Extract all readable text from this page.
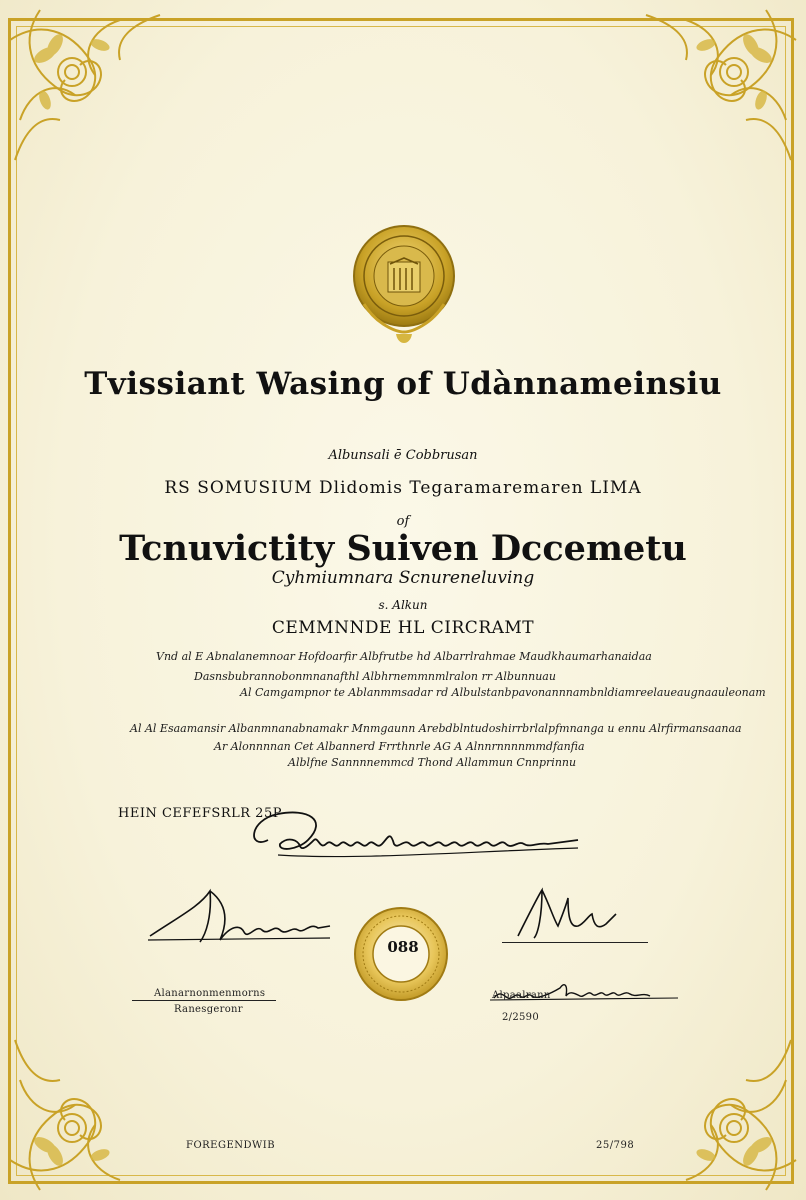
Tvissiant Wasing of Udànnameinsiu
Albunsali ē Cobbrusan
RS SOMUSIUM Dlidomis Tegaramaremaren LIMA
of
Tcnuvictity Suiven Dccemetu
Cyhmiumnara Scnureneluving
s. Alkun
CEMMNNDE HL CIRCRAMT
Vnd al E Abnalanemnoar Hofdoarfir Albfrutbe hd Albarrlrahmae Maudkhaumarhanaidaa
Dasnsbubrannobonmnanafthl Albhrnemmnmlralon rr Albunnuau
Al Camgampnor te Ablanmmsadar rd Albulstanbpavonannnambnldiamreelaueaugnaauleonam
Al Al Esaamansir Albanmnanabnamakr Mnmgaunn Arebdblntudoshirrbrlalpfmnanga u ennu Alrfirmansaanaa
Ar Alonnnnan Cet Albannerd Frrthnrle AG A Alnnrnnnnmmdfanfia
Alblfne Sannnnemmcd Thond Allammun Cnnprinnu
HEIN CEFEFSRLR 25P
088
Alanarnonmenmorns
Ranesgeronr
Alpaalrann
2/2590
FOREGENDWIB	25/798
